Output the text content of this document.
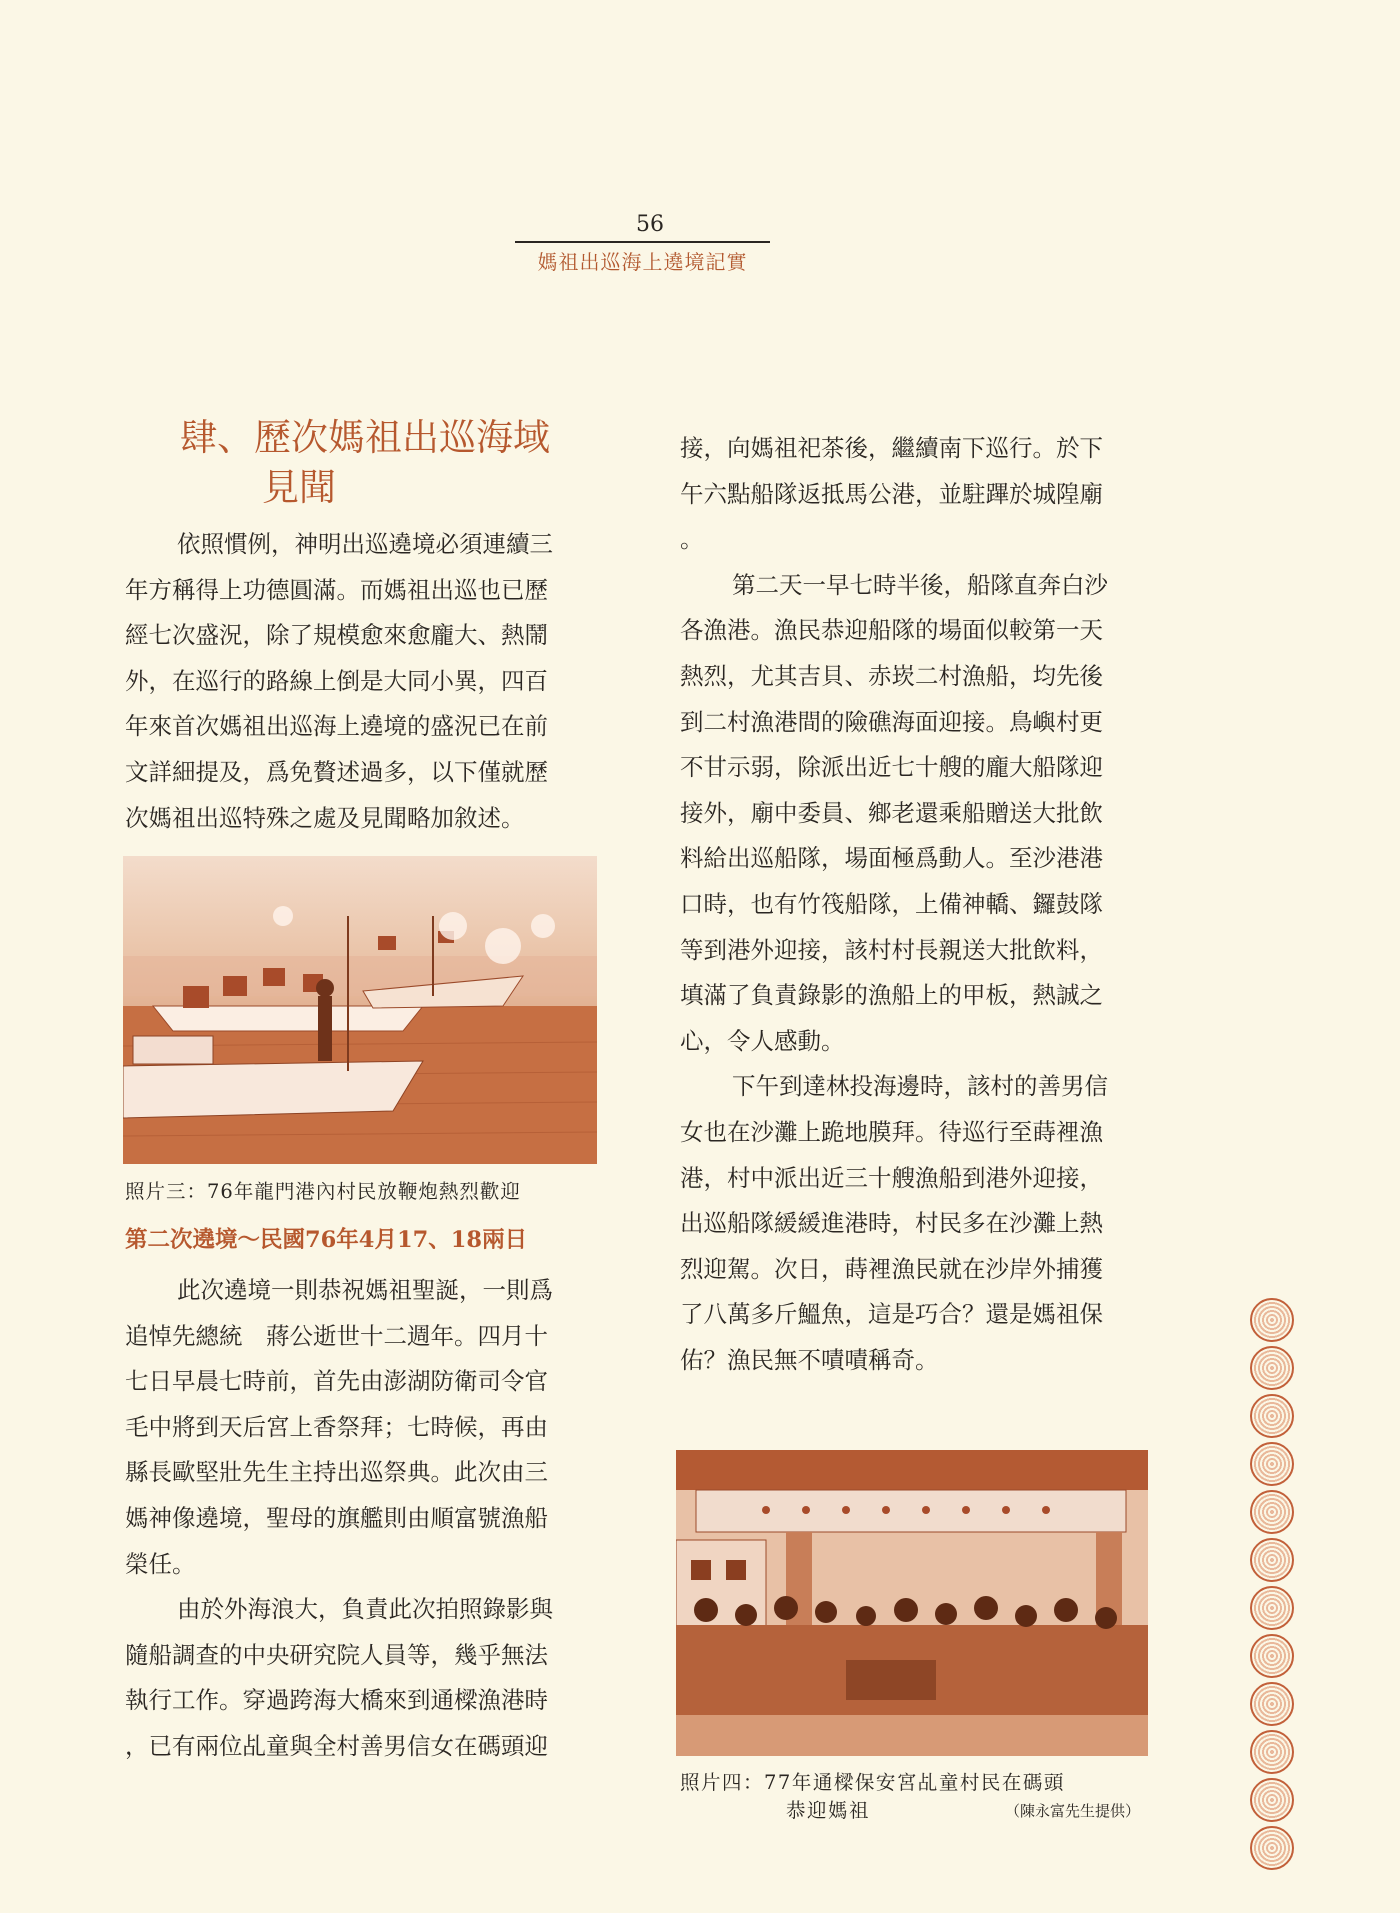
56
媽祖出巡海上遶境記實
肆、歷次媽祖出巡海域
見聞
依照慣例，神明出巡遶境必須連續三
年方稱得上功德圓滿。而媽祖出巡也已歷
經七次盛況，除了規模愈來愈龐大、熱鬧
外，在巡行的路線上倒是大同小異，四百
年來首次媽祖出巡海上遶境的盛況已在前
文詳細提及，爲免贅述過多，以下僅就歷
次媽祖出巡特殊之處及見聞略加敘述。
照片三：76年龍門港內村民放鞭炮熱烈歡迎
第二次遶境～民國76年4月17、18兩日
此次遶境一則恭祝媽祖聖誕，一則爲
追悼先總統　蔣公逝世十二週年。四月十
七日早晨七時前，首先由澎湖防衛司令官
毛中將到天后宮上香祭拜；七時候，再由
縣長歐堅壯先生主持出巡祭典。此次由三
媽神像遶境，聖母的旗艦則由順富號漁船
榮任。
由於外海浪大，負責此次拍照錄影與
隨船調查的中央研究院人員等，幾乎無法
執行工作。穿過跨海大橋來到通樑漁港時
，已有兩位乩童與全村善男信女在碼頭迎
接，向媽祖祀茶後，繼續南下巡行。於下
午六點船隊返抵馬公港，並駐蹕於城隍廟
。
第二天一早七時半後，船隊直奔白沙
各漁港。漁民恭迎船隊的場面似較第一天
熱烈，尤其吉貝、赤崁二村漁船，均先後
到二村漁港間的險礁海面迎接。鳥嶼村更
不甘示弱，除派出近七十艘的龐大船隊迎
接外，廟中委員、鄉老還乘船贈送大批飲
料給出巡船隊，場面極爲動人。至沙港港
口時，也有竹筏船隊，上備神轎、鑼鼓隊
等到港外迎接，該村村長親送大批飲料，
填滿了負責錄影的漁船上的甲板，熱誠之
心，令人感動。
下午到達林投海邊時，該村的善男信
女也在沙灘上跪地膜拜。待巡行至蒔裡漁
港，村中派出近三十艘漁船到港外迎接，
出巡船隊緩緩進港時，村民多在沙灘上熱
烈迎駕。次日，蒔裡漁民就在沙岸外捕獲
了八萬多斤鰮魚，這是巧合？還是媽祖保
佑？漁民無不嘖嘖稱奇。
照片四：77年通樑保安宮乩童村民在碼頭
恭迎媽祖	（陳永富先生提供）
